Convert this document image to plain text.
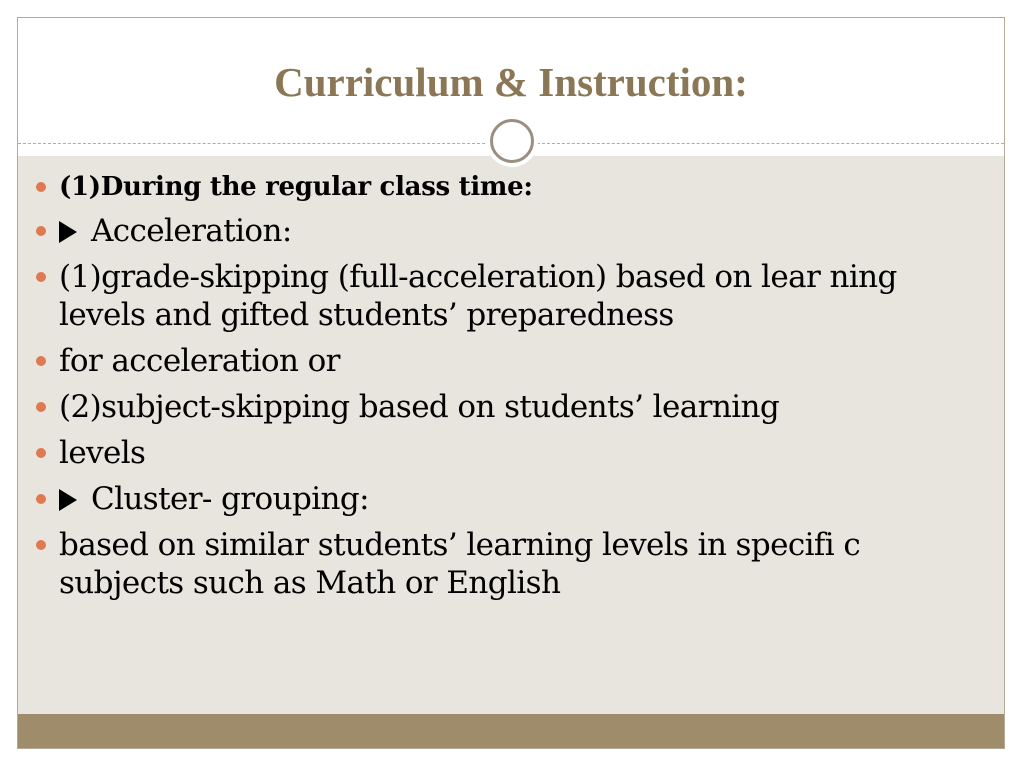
Curriculum & Instruction:
(1)During the regular class time:
Acceleration:
(1)grade-skipping (full-acceleration) based on lear ning levels and gifted students’ preparedness
for acceleration or
(2)subject-skipping based on students’ learning
levels
Cluster- grouping:
based on similar students’ learning levels in specifi c subjects such as Math or English
